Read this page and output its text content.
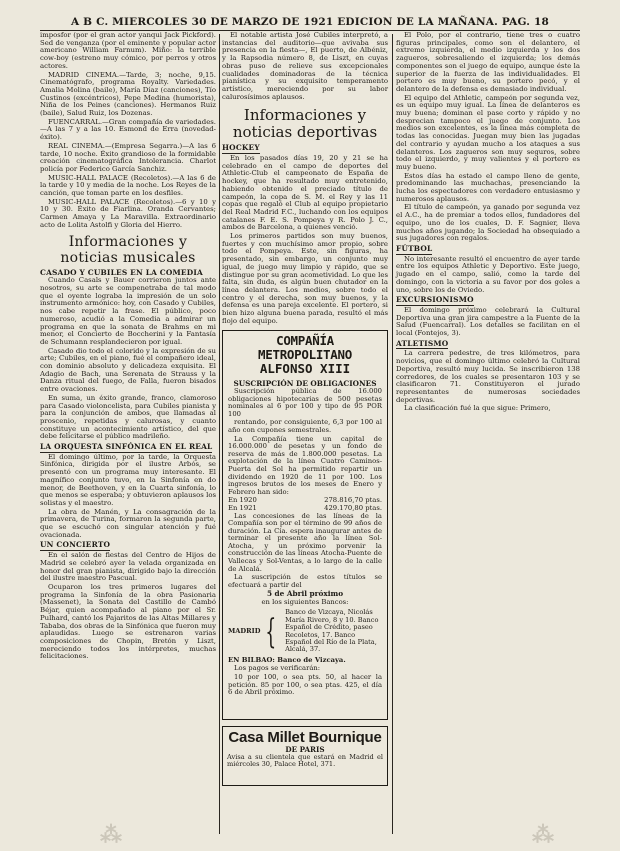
A B C. MIERCOLES 30 DE MARZO DE 1921 EDICION DE LA MAÑANA. PAG. 18

imposfor (por el gran actor yanqui Jack Pickford). Sed de venganza (por el eminente y popular actor americano William Farnum). Miño: la terrible cow-boy (estreno muy cómico, por perros y otros actores.

MADRID CINEMA.—Tarde, 3; noche, 9,15. Cinematógrafo, programa Royalty. Variedades. Amalia Molina (baile), María Díaz (canciones), Tío Custinos (excéntricos), Pepe Medina (humorista), Niña de los Peines (canciones). Hermanos Ruiz (baile), Salud Ruiz, los Dozenas.

FUENCARRAL.—Gran compañía de variedades.—A las 7 y a las 10. Esmond de Erra (novedad-éxito).

REAL CINEMA.—(Empresa Segarra.)—A las 6 tarde, 10 noche. Éxito grandioso de la formidable creación cinematográfica Intolerancia. Charlot policía por Federico García Sanchiz.

MUSIC-HALL PALACE (Recoletos).—A las 6 de la tarde y 10 y media de la noche. Los Reyes de la canción, que toman parte en los desfiles.

MUSIC-HALL PALACE (Recoletos).—6 y 10 y 10 y 30. Éxito de Fiarlina. Oranda Cervantes; Carmen Amaya y La Maravilla. Extraordinario acto de Lolita Astolfi y Gloria del Hierro.

Informaciones y noticias musicales
CASADO Y CUBILES EN LA COMEDIA

Cuando Casals y Bauer corrieron juntos ante nosotros, su arte se compenetraba de tal modo que el oyente lograba la impresión de un solo instrumento armónico: hoy, con Casado y Cubiles, nos cabe repetir la frase. El público, poco numeroso, acudió a la Comedia a admirar un programa en que la sonata de Brahms en mi menor, el Concierto de Boccherini y la Fantasía de Schumann resplandecieron por igual.

Casado dio todo el colorido y la expresión de su arte; Cubiles, en el piano, fué el compañero ideal, con dominio absoluto y delicadeza exquisita. El Adagio de Bach, una Serenata de Strauss y la Danza ritual del fuego, de Falla, fueron bisados entre ovaciones.

En suma, un éxito grande, franco, clamoroso para Casado violoncelista, para Cubiles pianista y para la conjunción de ambos, que llamadas al proscenio, repetidas y calurosas, y cuanto constituye un acontecimiento artístico, del que debe felicitarse el público madrileño.

LA ORQUESTA SINFÓNICA EN EL REAL

El domingo último, por la tarde, la Orquesta Sinfónica, dirigida por el ilustre Arbós, se presentó con un programa muy interesante. El magnífico conjunto tuvo, en la Sinfonía en do menor, de Beethoven, y en la Cuarta sinfonía, lo que menos se esperaba; y obtuvieron aplausos los solistas y el maestro.

La obra de Manén, y La consagración de la primavera, de Turina, formaron la segunda parte, que se escuchó con singular atención y fué ovacionada.

UN CONCIERTO

En el salón de fiestas del Centro de Hijos de Madrid se celebró ayer la velada organizada en honor del gran pianista, dirigido bajo la dirección del ilustre maestro Pascual.

Ocuparon los tres primeros lugares del programa la Sinfonía de la obra Pasionaria (Massenet), la Sonata del Castillo de Cambó Béjar, quien acompañado al piano por el Sr. Pulhard, cantó los Pajaritos de las Altas Millares y Tababa, dos obras de la Sinfónica que fueron muy aplaudidas. Luego se estrenaron varias composiciones de Chopin, Bretón y Liszt, mereciendo todos los intérpretes, muchas felicitaciones.

El notable artista José Cubiles interpretó, a instancias del auditorio—que avivaba sus presencia en la fiesta—, El puerto, de Albéniz, y la Rapsodia número 8, de Liszt, en cuyas obras puso de relieve sus excepcionales cualidades dominadoras de la técnica pianística y su exquisito temperamento artístico, mereciendo por su labor calurosísimos aplausos.

Informaciones y noticias deportivas
HOCKEY

En los pasados días 19, 20 y 21 se ha celebrado en el campo de deportes del Athletic-Club el campeonato de España de hockey, que ha resultado muy entretenido, habiendo obtenido el preciado título de campeón, la copa de S. M. el Rey y las 11 copas que regaló el Club al equipo propietario del Real Madrid F.C., luchando con los equipos catalanes F. E. S. Pompeya y R. Polo J. C., ambos de Barcelona, a quienes venció.

Los primeros partidos son muy buenos, fuertes y con muchísimo amor propio, sobre todo el Pompeya. Este, sin figuras, ha presentado, sin embargo, un conjunto muy igual, de juego muy limpio y rápido, que se distingue por su gran acometividad. Lo que les falta, sin duda, es algún buen chutador en la línea delantera. Los medios, sobre todo el centro y el derecha, son muy buenos, y la defensa es una pareja excelente. El portero, si bien hizo alguna buena parada, resultó el más flojo del equipo.

COMPAÑÍA METROPOLITANO
ALFONSO XIII
SUSCRIPCIÓN DE OBLIGACIONES

Suscripción pública de 16.000 obligaciones hipotecarias de 500 pesetas nominales al 6 por 100 y tipo de 95 POR 100

rentando, por consiguiente, 6,3 por 100 al año con cupones semestrales.

La Compañía tiene un capital de 16.000.000 de pesetas y un fondo de reserva de más de 1.800.000 pesetas. La explotación de la línea Cuatro Caminos-Puerta del Sol ha permitido repartir un dividendo en 1920 de 11 por 100. Los ingresos brutos de los meses de Enero y Febrero han sido:

En 1920	278.816,70 ptas.
En 1921	429.170,80 ptas.

Las concesiones de las líneas de la Compañía son por el término de 99 años de duración. La Cía. espera inaugurar antes de terminar el presente año la línea Sol-Atocha, y un próximo porvenir la construcción de las líneas Atocha-Puente de Vallecas y Sol-Ventas, a lo largo de la calle de Alcalá.

La suscripción de estos títulos se efectuará a partir del

5 de Abril próximo
en los siguientes Bancos:
MADRID { Banco de Vizcaya, Nicolás María Rivero, 8 y 10. Banco Español de Crédito, paseo Recoletos, 17. Banco Español del Río de la Plata, Alcalá, 37.

EN BILBAO: Banco de Vizcaya.

Los pagos se verificarán:

10 por 100, o sea pts. 50, al hacer la petición. 85 por 100, o sea ptas. 425, el día 6 de Abril próximo.

Casa Millet Bournique
DE PARIS
Avisa a su clientela que estará en Madrid el miércoles 30, Palace Hotel, 371.

El Polo, por el contrario, tiene tres o cuatro figuras principales, como son el delantero, el extremo izquierda, el medio izquierda y los dos zagueros, sobresaliendo el izquierda; los demás componentes son el juego de equipo, aunque éste la superior de la fuerza de las individualidades. El portero es muy bueno, su portero pecó, y el delantero de la defensa es demasiado individual.

El equipo del Athletic, campeón por segunda vez, es un equipo muy igual. La línea de delanteros es muy buena; dominan el pase corto y rápido y no desprecian tampoco el juego de conjunto. Los medios son excelentes, es la línea más completa de todas las conocidas. Juegan muy bien las jugadas del contrario y ayudan mucho a los ataques a sus delanteros. Los zagueros son muy seguros, sobre todo el izquierdo, y muy valientes y el portero es muy bueno.

Estos días ha estado el campo lleno de gente, predominando las muchachas, presenciando la lucha los espectadores con verdadero entusiasmo y numerosos aplausos.

El título de campeón, ya ganado por segunda vez el A.C., ha de premiar a todos ellos, fundadores del equipo, uno de los cuales, D. F. Sagnier, lleva muchos años jugando; la Sociedad ha obsequiado a sus jugadores con regalos.

FÚTBOL

No interesante resultó el encuentro de ayer tarde entre los equipos Athletic y Deportivo. Este juego, jugado en el campo, salió, como la tarde del domingo, con la victoria a su favor por dos goles a uno, sobre los de Oviedo.

EXCURSIONISMO

El domingo próximo celebrará la Cultural Deportiva una gran jira campestre a la Fuente de la Salud (Fuencarral). Los detalles se facilitan en el local (Fontejos, 3).

ATLETISMO

La carrera pedestre, de tres kilómetros, para novicios, que el domingo último celebró la Cultural Deportiva, resultó muy lucida. Se inscribieron 138 corredores, de los cuales se presentaron 103 y se clasificaron 71. Constituyeron el jurado representantes de numerosas sociedades deportivas.

La clasificación fué la que sigue: Primero,

⁂	⁂
